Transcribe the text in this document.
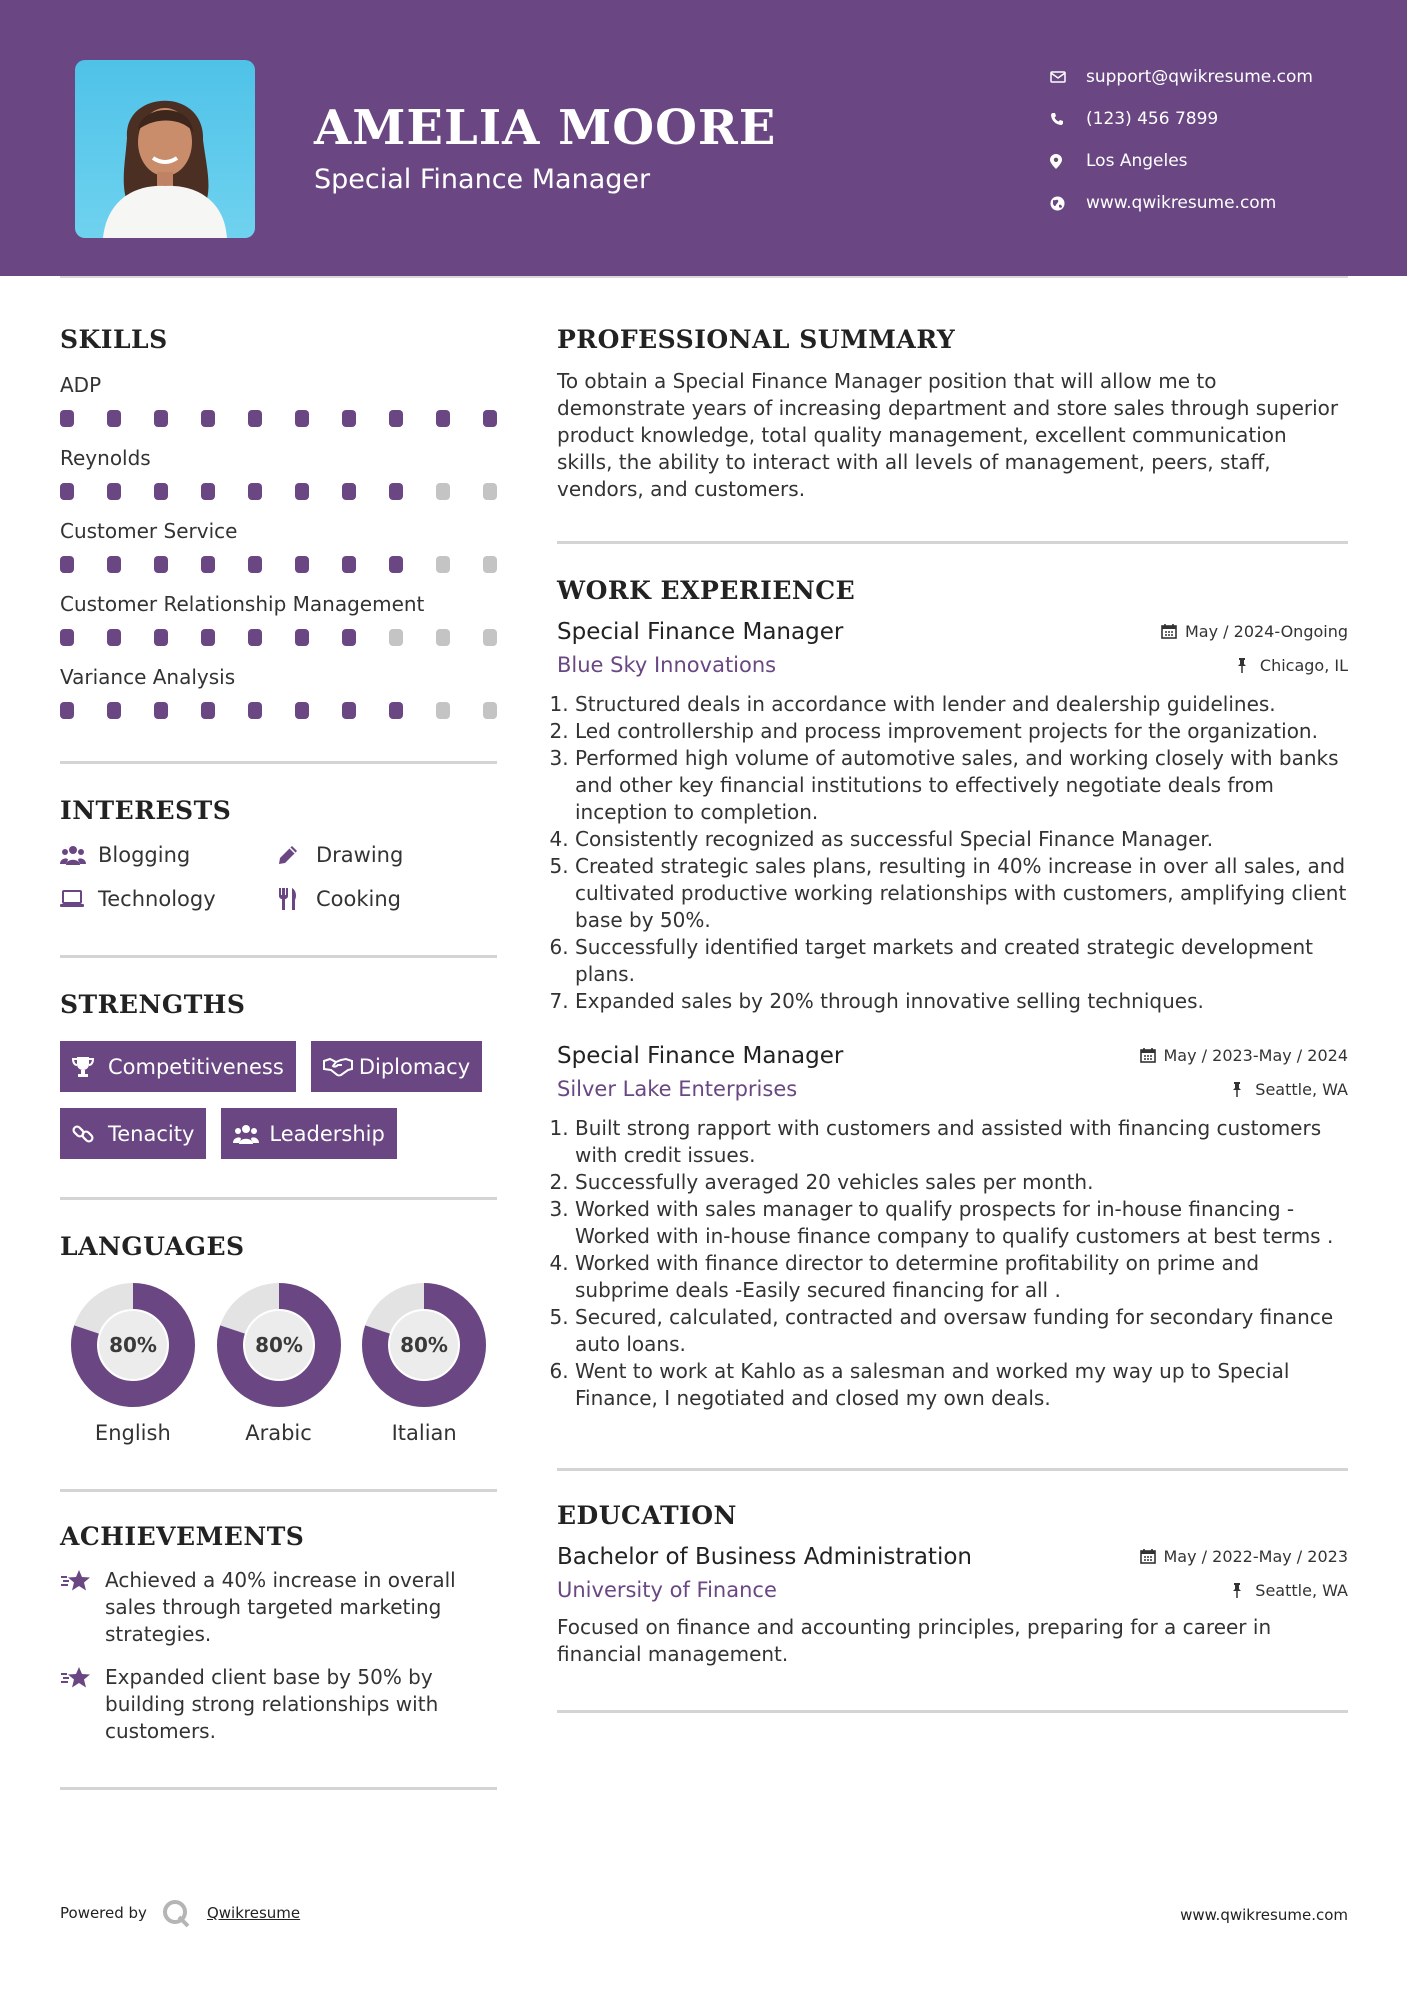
AMELIA MOORE
Special Finance Manager
support@qwikresume.com
(123) 456 7899
Los Angeles
www.qwikresume.com
SKILLS
ADP
Reynolds
Customer Service
Customer Relationship Management
Variance Analysis
INTERESTS
Blogging	Drawing
Technology	Cooking
STRENGTHS
Competitiveness	Diplomacy
Tenacity	Leadership
LANGUAGES
80%
English
80%
Arabic
80%
Italian
ACHIEVEMENTS
Achieved a 40% increase in overall sales through targeted marketing strategies.
Expanded client base by 50% by building strong relationships with customers.
PROFESSIONAL SUMMARY
To obtain a Special Finance Manager position that will allow me to demonstrate years of increasing department and store sales through superior product knowledge, total quality management, excellent communication skills, the ability to interact with all levels of management, peers, staff, vendors, and customers.
WORK EXPERIENCE
Special Finance Manager	May / 2024-Ongoing
Blue Sky Innovations	Chicago, IL
1. Structured deals in accordance with lender and dealership guidelines.
2. Led controllership and process improvement projects for the organization.
3. Performed high volume of automotive sales, and working closely with banks and other key financial institutions to effectively negotiate deals from inception to completion.
4. Consistently recognized as successful Special Finance Manager.
5. Created strategic sales plans, resulting in 40% increase in over all sales, and cultivated productive working relationships with customers, amplifying client base by 50%.
6. Successfully identified target markets and created strategic development plans.
7. Expanded sales by 20% through innovative selling techniques.
Special Finance Manager	May / 2023-May / 2024
Silver Lake Enterprises	Seattle, WA
1. Built strong rapport with customers and assisted with financing customers with credit issues.
2. Successfully averaged 20 vehicles sales per month.
3. Worked with sales manager to qualify prospects for in-house financing - Worked with in-house finance company to qualify customers at best terms .
4. Worked with finance director to determine profitability on prime and subprime deals -Easily secured financing for all .
5. Secured, calculated, contracted and oversaw funding for secondary finance auto loans.
6. Went to work at Kahlo as a salesman and worked my way up to Special Finance, I negotiated and closed my own deals.
EDUCATION
Bachelor of Business Administration	May / 2022-May / 2023
University of Finance	Seattle, WA
Focused on finance and accounting principles, preparing for a career in financial management.
Powered by	Qwikresume	www.qwikresume.com
